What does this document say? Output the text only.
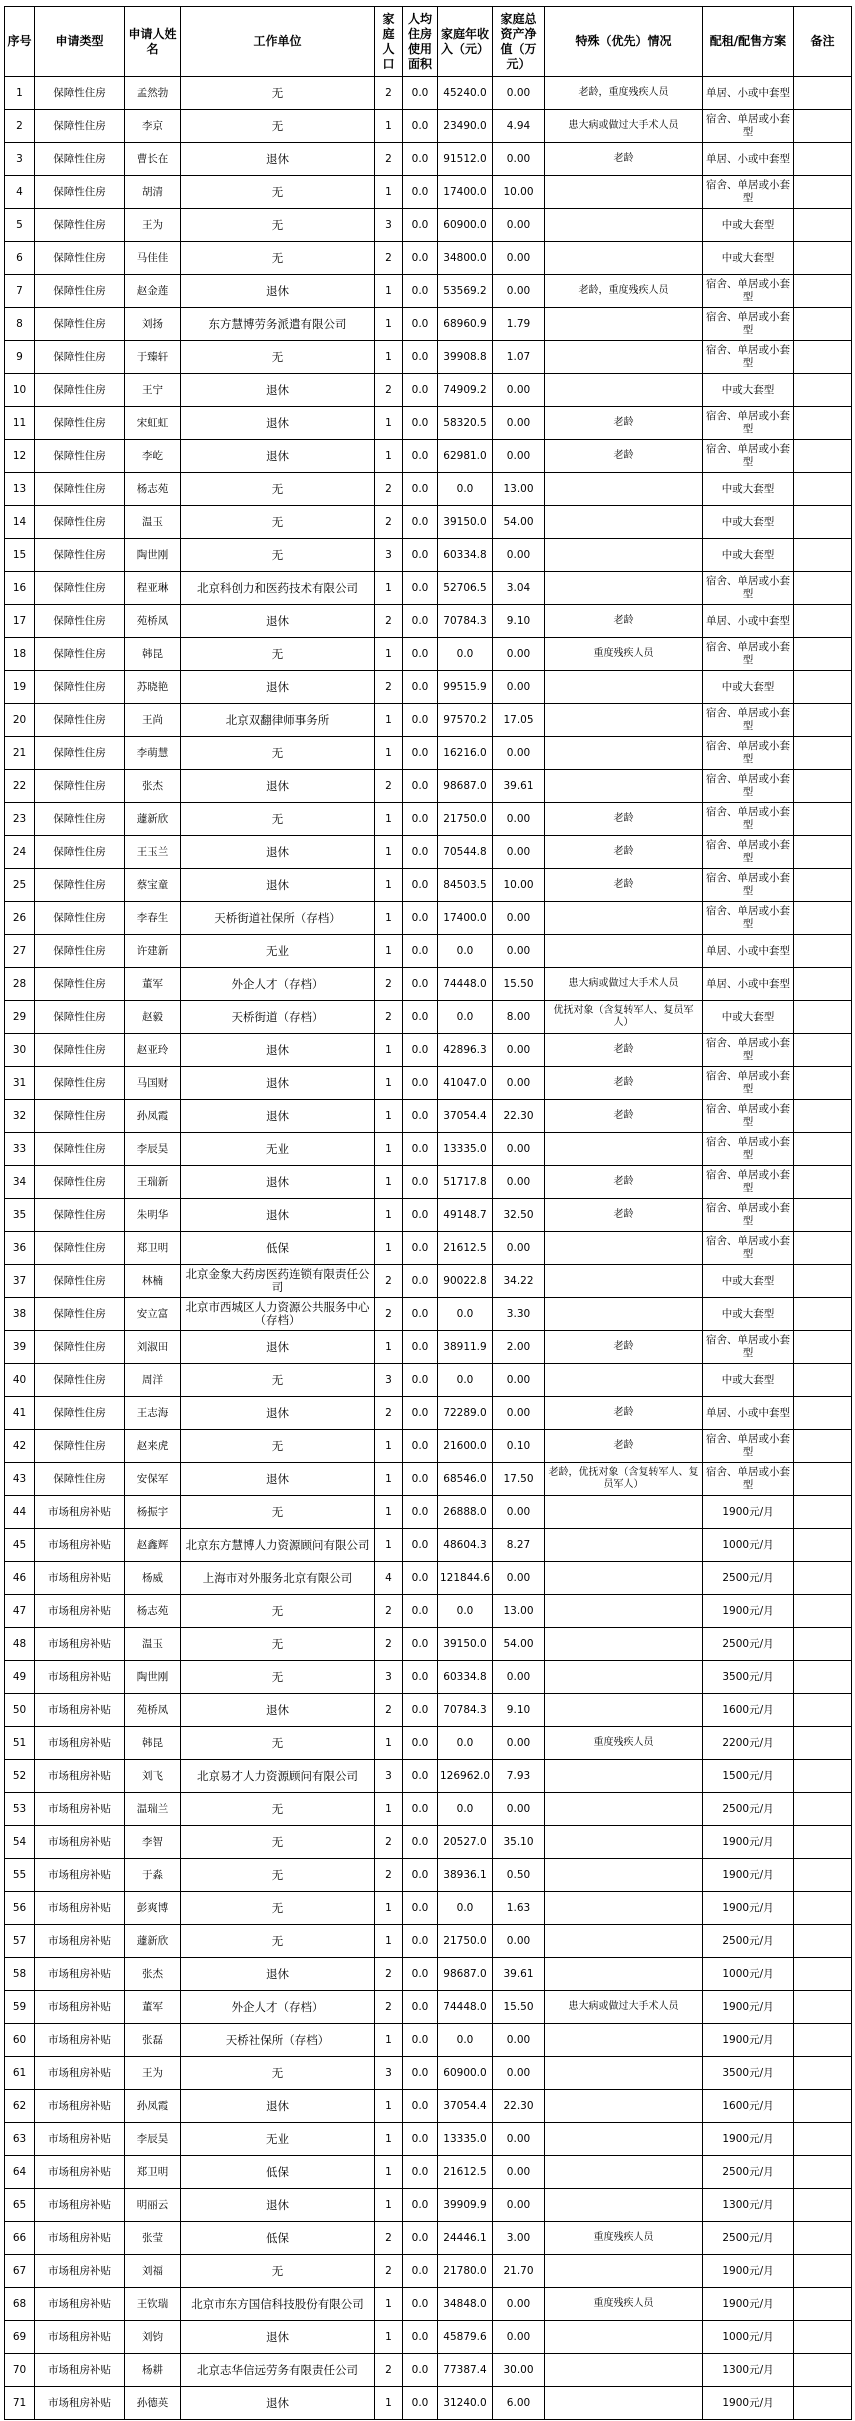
序号	申请类型	申请人姓名	工作单位	家庭人口	人均住房使用面积	家庭年收入（元）	家庭总资产净值（万元）	特殊（优先）情况	配租/配售方案	备注
1	保障性住房	孟然勃	无	2	0.0	45240.0	0.00	老龄，重度残疾人员	单居、小或中套型	
2	保障性住房	李京	无	1	0.0	23490.0	4.94	患大病或做过大手术人员	宿舍、单居或小套型	
3	保障性住房	曹长在	退休	2	0.0	91512.0	0.00	老龄	单居、小或中套型	
4	保障性住房	胡清	无	1	0.0	17400.0	10.00		宿舍、单居或小套型	
5	保障性住房	王为	无	3	0.0	60900.0	0.00		中或大套型	
6	保障性住房	马佳佳	无	2	0.0	34800.0	0.00		中或大套型	
7	保障性住房	赵金莲	退休	1	0.0	53569.2	0.00	老龄，重度残疾人员	宿舍、单居或小套型	
8	保障性住房	刘扬	东方慧博劳务派遣有限公司	1	0.0	68960.9	1.79		宿舍、单居或小套型	
9	保障性住房	于臻轩	无	1	0.0	39908.8	1.07		宿舍、单居或小套型	
10	保障性住房	王宁	退休	2	0.0	74909.2	0.00		中或大套型	
11	保障性住房	宋虹虹	退休	1	0.0	58320.5	0.00	老龄	宿舍、单居或小套型	
12	保障性住房	李屹	退休	1	0.0	62981.0	0.00	老龄	宿舍、单居或小套型	
13	保障性住房	杨志苑	无	2	0.0	0.0	13.00		中或大套型	
14	保障性住房	温玉	无	2	0.0	39150.0	54.00		中或大套型	
15	保障性住房	陶世刚	无	3	0.0	60334.8	0.00		中或大套型	
16	保障性住房	程亚琳	北京科创力和医药技术有限公司	1	0.0	52706.5	3.04		宿舍、单居或小套型	
17	保障性住房	苑桥凤	退休	2	0.0	70784.3	9.10	老龄	单居、小或中套型	
18	保障性住房	韩昆	无	1	0.0	0.0	0.00	重度残疾人员	宿舍、单居或小套型	
19	保障性住房	苏晓艳	退休	2	0.0	99515.9	0.00		中或大套型	
20	保障性住房	王尚	北京双翻律师事务所	1	0.0	97570.2	17.05		宿舍、单居或小套型	
21	保障性住房	李萌慧	无	1	0.0	16216.0	0.00		宿舍、单居或小套型	
22	保障性住房	张杰	退休	2	0.0	98687.0	39.61		宿舍、单居或小套型	
23	保障性住房	蘧新欣	无	1	0.0	21750.0	0.00	老龄	宿舍、单居或小套型	
24	保障性住房	王玉兰	退休	1	0.0	70544.8	0.00	老龄	宿舍、单居或小套型	
25	保障性住房	蔡宝童	退休	1	0.0	84503.5	10.00	老龄	宿舍、单居或小套型	
26	保障性住房	李春生	天桥街道社保所（存档）	1	0.0	17400.0	0.00		宿舍、单居或小套型	
27	保障性住房	许建新	无业	1	0.0	0.0	0.00		单居、小或中套型	
28	保障性住房	董军	外企人才（存档）	2	0.0	74448.0	15.50	患大病或做过大手术人员	单居、小或中套型	
29	保障性住房	赵毅	天桥街道（存档）	2	0.0	0.0	8.00	优抚对象（含复转军人、复员军人）	中或大套型	
30	保障性住房	赵亚玲	退休	1	0.0	42896.3	0.00	老龄	宿舍、单居或小套型	
31	保障性住房	马国财	退休	1	0.0	41047.0	0.00	老龄	宿舍、单居或小套型	
32	保障性住房	孙凤霞	退休	1	0.0	37054.4	22.30	老龄	宿舍、单居或小套型	
33	保障性住房	李辰昊	无业	1	0.0	13335.0	0.00		宿舍、单居或小套型	
34	保障性住房	王瑞新	退休	1	0.0	51717.8	0.00	老龄	宿舍、单居或小套型	
35	保障性住房	朱明华	退休	1	0.0	49148.7	32.50	老龄	宿舍、单居或小套型	
36	保障性住房	郑卫明	低保	1	0.0	21612.5	0.00		宿舍、单居或小套型	
37	保障性住房	林楠	北京金象大药房医药连锁有限责任公司	2	0.0	90022.8	34.22		中或大套型	
38	保障性住房	安立富	北京市西城区人力资源公共服务中心（存档）	2	0.0	0.0	3.30		中或大套型	
39	保障性住房	刘淑田	退休	1	0.0	38911.9	2.00	老龄	宿舍、单居或小套型	
40	保障性住房	周洋	无	3	0.0	0.0	0.00		中或大套型	
41	保障性住房	王志海	退休	2	0.0	72289.0	0.00	老龄	单居、小或中套型	
42	保障性住房	赵来虎	无	1	0.0	21600.0	0.10	老龄	宿舍、单居或小套型	
43	保障性住房	安保军	退休	1	0.0	68546.0	17.50	老龄，优抚对象（含复转军人、复员军人）	宿舍、单居或小套型	
44	市场租房补贴	杨振宇	无	1	0.0	26888.0	0.00		1900元/月	
45	市场租房补贴	赵鑫辉	北京东方慧博人力资源顾问有限公司	1	0.0	48604.3	8.27		1000元/月	
46	市场租房补贴	杨威	上海市对外服务北京有限公司	4	0.0	121844.6	0.00		2500元/月	
47	市场租房补贴	杨志苑	无	2	0.0	0.0	13.00		1900元/月	
48	市场租房补贴	温玉	无	2	0.0	39150.0	54.00		2500元/月	
49	市场租房补贴	陶世刚	无	3	0.0	60334.8	0.00		3500元/月	
50	市场租房补贴	苑桥凤	退休	2	0.0	70784.3	9.10		1600元/月	
51	市场租房补贴	韩昆	无	1	0.0	0.0	0.00	重度残疾人员	2200元/月	
52	市场租房补贴	刘飞	北京易才人力资源顾问有限公司	3	0.0	126962.0	7.93		1500元/月	
53	市场租房补贴	温瑞兰	无	1	0.0	0.0	0.00		2500元/月	
54	市场租房补贴	李智	无	2	0.0	20527.0	35.10		1900元/月	
55	市场租房补贴	于淼	无	2	0.0	38936.1	0.50		1900元/月	
56	市场租房补贴	彭爽博	无	1	0.0	0.0	1.63		1900元/月	
57	市场租房补贴	蘧新欣	无	1	0.0	21750.0	0.00		2500元/月	
58	市场租房补贴	张杰	退休	2	0.0	98687.0	39.61		1000元/月	
59	市场租房补贴	董军	外企人才（存档）	2	0.0	74448.0	15.50	患大病或做过大手术人员	1900元/月	
60	市场租房补贴	张磊	天桥社保所（存档）	1	0.0	0.0	0.00		1900元/月	
61	市场租房补贴	王为	无	3	0.0	60900.0	0.00		3500元/月	
62	市场租房补贴	孙凤霞	退休	1	0.0	37054.4	22.30		1600元/月	
63	市场租房补贴	李辰昊	无业	1	0.0	13335.0	0.00		1900元/月	
64	市场租房补贴	郑卫明	低保	1	0.0	21612.5	0.00		2500元/月	
65	市场租房补贴	明丽云	退休	1	0.0	39909.9	0.00		1300元/月	
66	市场租房补贴	张莹	低保	2	0.0	24446.1	3.00	重度残疾人员	2500元/月	
67	市场租房补贴	刘福	无	2	0.0	21780.0	21.70		1900元/月	
68	市场租房补贴	王钦瑞	北京市东方国信科技股份有限公司	1	0.0	34848.0	0.00	重度残疾人员	1900元/月	
69	市场租房补贴	刘钧	退休	1	0.0	45879.6	0.00		1000元/月	
70	市场租房补贴	杨耕	北京志华信远劳务有限责任公司	2	0.0	77387.4	30.00		1300元/月	
71	市场租房补贴	孙德英	退休	1	0.0	31240.0	6.00		1900元/月	
